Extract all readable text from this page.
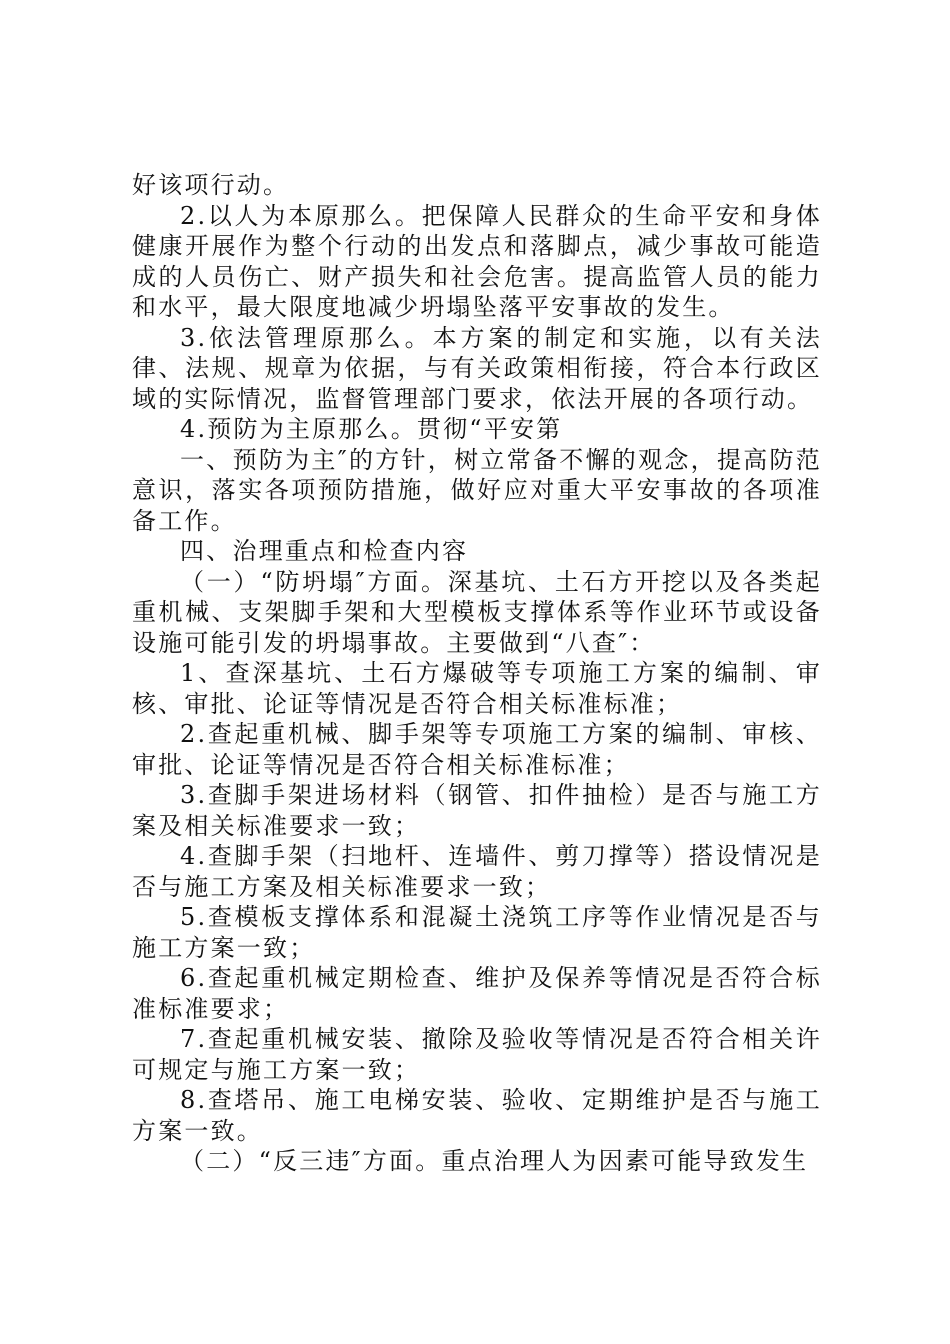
好该项行动。

2.以人为本原那么。把保障人民群众的生命平安和身体健康开展作为整个行动的出发点和落脚点，减少事故可能造成的人员伤亡、财产损失和社会危害。提高监管人员的能力和水平，最大限度地减少坍塌坠落平安事故的发生。

3.依法管理原那么。本方案的制定和实施，以有关法律、法规、规章为依据，与有关政策相衔接，符合本行政区域的实际情况，监督管理部门要求，依法开展的各项行动。

4.预防为主原那么。贯彻“平安第

一、预防为主″的方针，树立常备不懈的观念，提高防范意识，落实各项预防措施，做好应对重大平安事故的各项准备工作。

四、治理重点和检查内容

（一）“防坍塌″方面。深基坑、土石方开挖以及各类起重机械、支架脚手架和大型模板支撑体系等作业环节或设备设施可能引发的坍塌事故。主要做到“八查″：

1、查深基坑、土石方爆破等专项施工方案的编制、审核、审批、论证等情况是否符合相关标准标准；

2.查起重机械、脚手架等专项施工方案的编制、审核、审批、论证等情况是否符合相关标准标准；

3.查脚手架进场材料（钢管、扣件抽检）是否与施工方案及相关标准要求一致；

4.查脚手架（扫地杆、连墙件、剪刀撑等）搭设情况是否与施工方案及相关标准要求一致；

5.查模板支撑体系和混凝土浇筑工序等作业情况是否与施工方案一致；

6.查起重机械定期检查、维护及保养等情况是否符合标准标准要求；

7.查起重机械安装、撤除及验收等情况是否符合相关许可规定与施工方案一致；

8.查塔吊、施工电梯安装、验收、定期维护是否与施工方案一致。

（二）“反三违″方面。重点治理人为因素可能导致发生
